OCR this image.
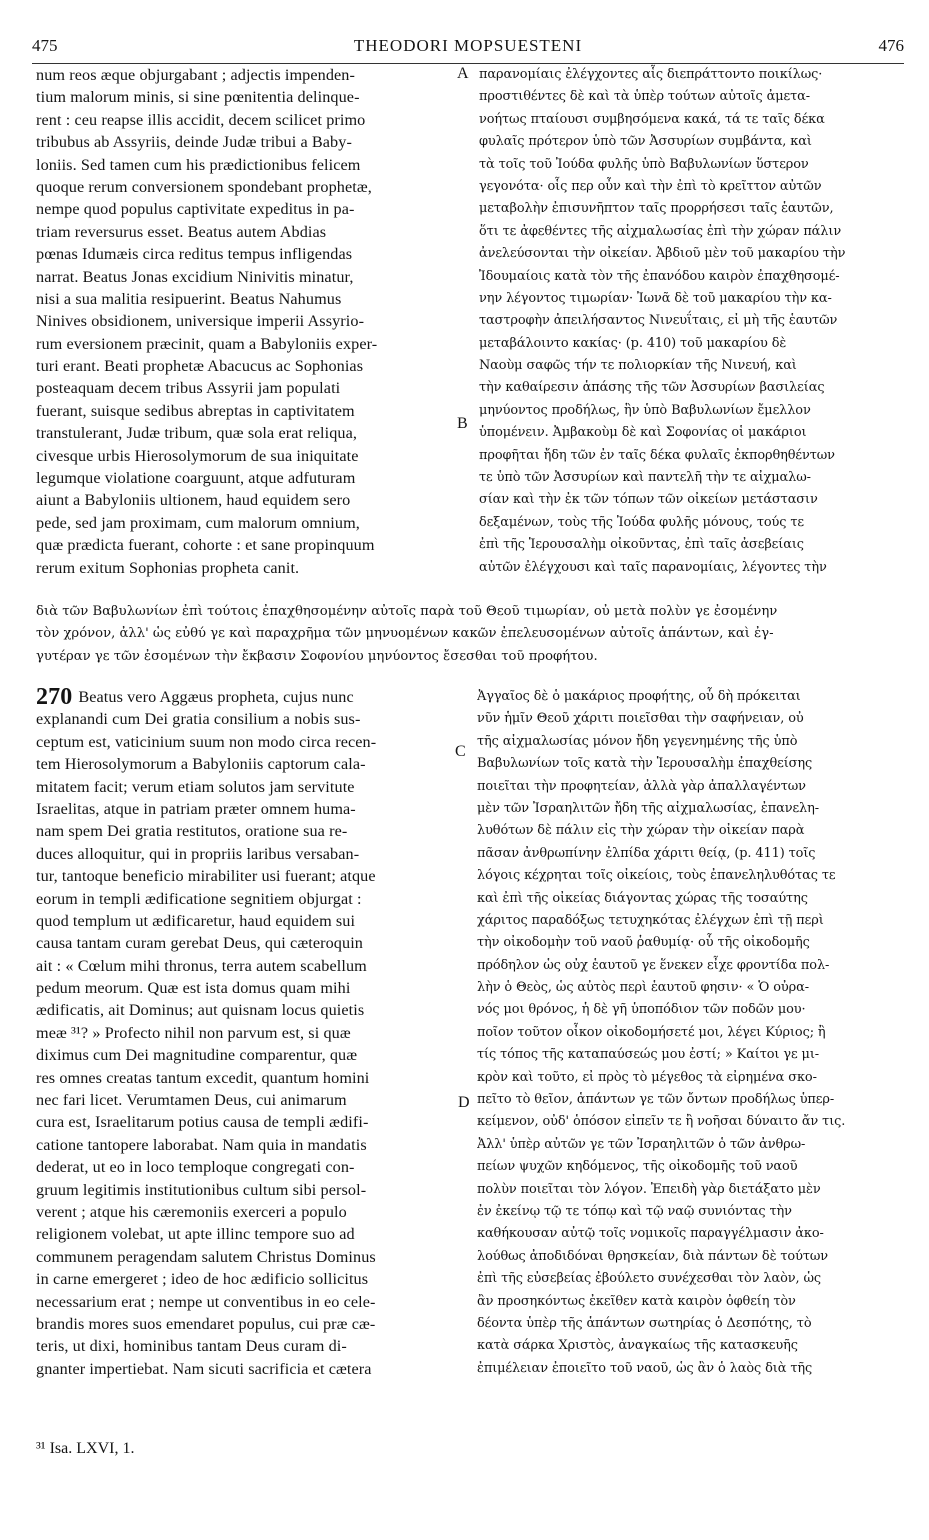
475	THEODORI MOPSUESTENI	476
num reos æque objurgabant ; adjectis impenden-
tium malorum minis, si sine pœnitentia delinque-
rent : ceu reapse illis accidit, decem scilicet primo
tribubus ab Assyriis, deinde Judæ tribui a Baby-
loniis. Sed tamen cum his prædictionibus felicem
quoque rerum conversionem spondebant prophetæ,
nempe quod populus captivitate expeditus in pa-
triam reversurus esset. Beatus autem Abdias
pœnas Idumæis circa reditus tempus infligendas
narrat. Beatus Jonas excidium Ninivitis minatur,
nisi a sua malitia resipuerint. Beatus Nahumus
Ninives obsidionem, universique imperii Assyrio-
rum eversionem præcinit, quam a Babyloniis exper-
turi erant. Beati prophetæ Abacucus ac Sophonias
posteaquam decem tribus Assyrii jam populati
fuerant, suisque sedibus abreptas in captivitatem
transtulerant, Judæ tribum, quæ sola erat reliqua,
civesque urbis Hierosolymorum de sua iniquitate
legumque violatione coarguunt, atque adfuturam
aiunt a Babyloniis ultionem, haud equidem sero
pede, sed jam proximam, cum malorum omnium,
quæ prædicta fuerant, cohorte : et sane propinquum
rerum exitum Sophonias propheta canit.
παρανομίαις ἐλέγχοντες αἷς διεπράττοντο ποικίλως·
προστιθέντες δὲ καὶ τὰ ὑπὲρ τούτων αὐτοῖς ἀμετα-
νοήτως πταίουσι συμβησόμενα κακά, τά τε ταῖς δέκα
φυλαῖς πρότερον ὑπὸ τῶν Ἀσσυρίων συμβάντα, καὶ
τὰ τοῖς τοῦ Ἰούδα φυλῆς ὑπὸ Βαβυλωνίων ὕστερον
γεγονότα· οἷς περ οὖν καὶ τὴν ἐπὶ τὸ κρεῖττον αὐτῶν
μεταβολὴν ἐπισυνῆπτον ταῖς προρρήσεσι ταῖς ἑαυτῶν,
ὅτι τε ἀφεθέντες τῆς αἰχμαλωσίας ἐπὶ τὴν χώραν πάλιν
ἀνελεύσονται τὴν οἰκείαν. Ἀβδιοῦ μὲν τοῦ μακαρίου τὴν
Ἰδουμαίοις κατὰ τὸν τῆς ἐπανόδου καιρὸν ἐπαχθησομέ-
νην λέγοντος τιμωρίαν· Ἰωνᾶ δὲ τοῦ μακαρίου τὴν κα-
ταστροφὴν ἀπειλήσαντος Νινευΐταις, εἰ μὴ τῆς ἑαυτῶν
μεταβάλοιντο κακίας· (p. 410) τοῦ μακαρίου δὲ
Ναοὺμ σαφῶς τήν τε πολιορκίαν τῆς Νινευή, καὶ
τὴν καθαίρεσιν ἁπάσης τῆς τῶν Ἀσσυρίων βασιλείας
μηνύοντος προδήλως, ἣν ὑπὸ Βαβυλωνίων ἔμελλον
ὑπομένειν. Ἀμβακοὺμ δὲ καὶ Σοφονίας οἱ μακάριοι
προφῆται ἤδη τῶν ἐν ταῖς δέκα φυλαῖς ἐκπορθηθέντων
τε ὑπὸ τῶν Ἀσσυρίων καὶ παντελῆ τὴν τε αἰχμαλω-
σίαν καὶ τὴν ἐκ τῶν τόπων τῶν οἰκείων μετάστασιν
δεξαμένων, τοὺς τῆς Ἰούδα φυλῆς μόνους, τούς τε
ἐπὶ τῆς Ἱερουσαλὴμ οἰκοῦντας, ἐπὶ ταῖς ἀσεβείαις
αὐτῶν ἐλέγχουσι καὶ ταῖς παρανομίαις, λέγοντες τὴν
A
B
C
D
διὰ τῶν Βαβυλωνίων ἐπὶ τούτοις ἐπαχθησομένην αὐτοῖς παρὰ τοῦ Θεοῦ τιμωρίαν, οὐ μετὰ πολὺν γε ἐσομένην
τὸν χρόνον, ἀλλ' ὡς εὐθύ γε καὶ παραχρῆμα τῶν μηνυομένων κακῶν ἐπελευσομένων αὐτοῖς ἁπάντων, καὶ ἐγ-
γυτέραν γε τῶν ἐσομένων τὴν ἔκβασιν Σοφονίου μηνύοντος ἔσεσθαι τοῦ προφήτου.
270 Beatus vero Aggæus propheta, cujus nunc
explanandi cum Dei gratia consilium a nobis sus-
ceptum est, vaticinium suum non modo circa recen-
tem Hierosolymorum a Babyloniis captorum cala-
mitatem facit; verum etiam solutos jam servitute
Israelitas, atque in patriam præter omnem huma-
nam spem Dei gratia restitutos, oratione sua re-
duces alloquitur, qui in propriis laribus versaban-
tur, tantoque beneficio mirabiliter usi fuerant; atque
eorum in templi ædificatione segnitiem objurgat :
quod templum ut ædificaretur, haud equidem sui
causa tantam curam gerebat Deus, qui cæteroquin
ait : « Cœlum mihi thronus, terra autem scabellum
pedum meorum. Quæ est ista domus quam mihi
ædificatis, ait Dominus; aut quisnam locus quietis
meæ ³¹? » Profecto nihil non parvum est, si quæ
diximus cum Dei magnitudine comparentur, quæ
res omnes creatas tantum excedit, quantum homini
nec fari licet. Verumtamen Deus, cui animarum
cura est, Israelitarum potius causa de templi ædifi-
catione tantopere laborabat. Nam quia in mandatis
dederat, ut eo in loco temploque congregati con-
gruum legitimis institutionibus cultum sibi persol-
verent ; atque his cæremoniis exerceri a populo
religionem volebat, ut apte illinc tempore suo ad
communem peragendam salutem Christus Dominus
in carne emergeret ; ideo de hoc ædificio sollicitus
necessarium erat ; nempe ut conventibus in eo cele-
brandis mores suos emendaret populus, cui præ cæ-
teris, ut dixi, hominibus tantam Deus curam di-
gnanter impertiebat. Nam sicuti sacrificia et cætera
Ἀγγαῖος δὲ ὁ μακάριος προφήτης, οὗ δὴ πρόκειται
νῦν ἡμῖν Θεοῦ χάριτι ποιεῖσθαι τὴν σαφήνειαν, οὐ
τῆς αἰχμαλωσίας μόνον ἤδη γεγενημένης τῆς ὑπὸ
Βαβυλωνίων τοῖς κατὰ τὴν Ἱερουσαλὴμ ἐπαχθείσης
ποιεῖται τὴν προφητείαν, ἀλλὰ γὰρ ἀπαλλαγέντων
μὲν τῶν Ἰσραηλιτῶν ἤδη τῆς αἰχμαλωσίας, ἐπανελη-
λυθότων δὲ πάλιν εἰς τὴν χώραν τὴν οἰκείαν παρὰ
πᾶσαν ἀνθρωπίνην ἐλπίδα χάριτι θείᾳ, (p. 411) τοῖς
λόγοις κέχρηται τοῖς οἰκείοις, τοὺς ἐπανεληλυθότας τε
καὶ ἐπὶ τῆς οἰκείας διάγοντας χώρας τῆς τοσαύτης
χάριτος παραδόξως τετυχηκότας ἐλέγχων ἐπὶ τῇ περὶ
τὴν οἰκοδομὴν τοῦ ναοῦ ῥαθυμίᾳ· οὗ τῆς οἰκοδομῆς
πρόδηλον ὡς οὐχ ἑαυτοῦ γε ἕνεκεν εἶχε φροντίδα πολ-
λὴν ὁ Θεὸς, ὡς αὐτὸς περὶ ἑαυτοῦ φησιν· « Ὁ οὐρα-
νός μοι θρόνος, ἡ δὲ γῆ ὑποπόδιον τῶν ποδῶν μου·
ποῖον τοῦτον οἶκον οἰκοδομήσετέ μοι, λέγει Κύριος; ἢ
τίς τόπος τῆς καταπαύσεώς μου ἐστί; » Καίτοι γε μι-
κρὸν καὶ τοῦτο, εἰ πρὸς τὸ μέγεθος τὰ εἰρημένα σκο-
πεῖτο τὸ θεῖον, ἁπάντων γε τῶν ὄντων προδήλως ὑπερ-
κείμενον, οὐδ' ὁπόσον εἰπεῖν τε ἢ νοῆσαι δύναιτο ἄν τις.
Ἀλλ' ὑπὲρ αὐτῶν γε τῶν Ἰσραηλιτῶν ὁ τῶν ἀνθρω-
πείων ψυχῶν κηδόμενος, τῆς οἰκοδομῆς τοῦ ναοῦ
πολὺν ποιεῖται τὸν λόγον. Ἐπειδὴ γὰρ διετάξατο μὲν
ἐν ἐκείνῳ τῷ τε τόπῳ καὶ τῷ ναῷ συνιόντας τὴν
καθήκουσαν αὐτῷ τοῖς νομικοῖς παραγγέλμασιν ἀκο-
λούθως ἀποδιδόναι θρησκείαν, διὰ πάντων δὲ τούτων
ἐπὶ τῆς εὐσεβείας ἐβούλετο συνέχεσθαι τὸν λαὸν, ὡς
ἂν προσηκόντως ἐκεῖθεν κατὰ καιρὸν ὀφθείη τὸν
δέοντα ὑπὲρ τῆς ἁπάντων σωτηρίας ὁ Δεσπότης, τὸ
κατὰ σάρκα Χριστὸς, ἀναγκαίως τῆς κατασκευῆς
ἐπιμέλειαν ἐποιεῖτο τοῦ ναοῦ, ὡς ἂν ὁ λαὸς διὰ τῆς
³¹ Isa. LXVI, 1.
